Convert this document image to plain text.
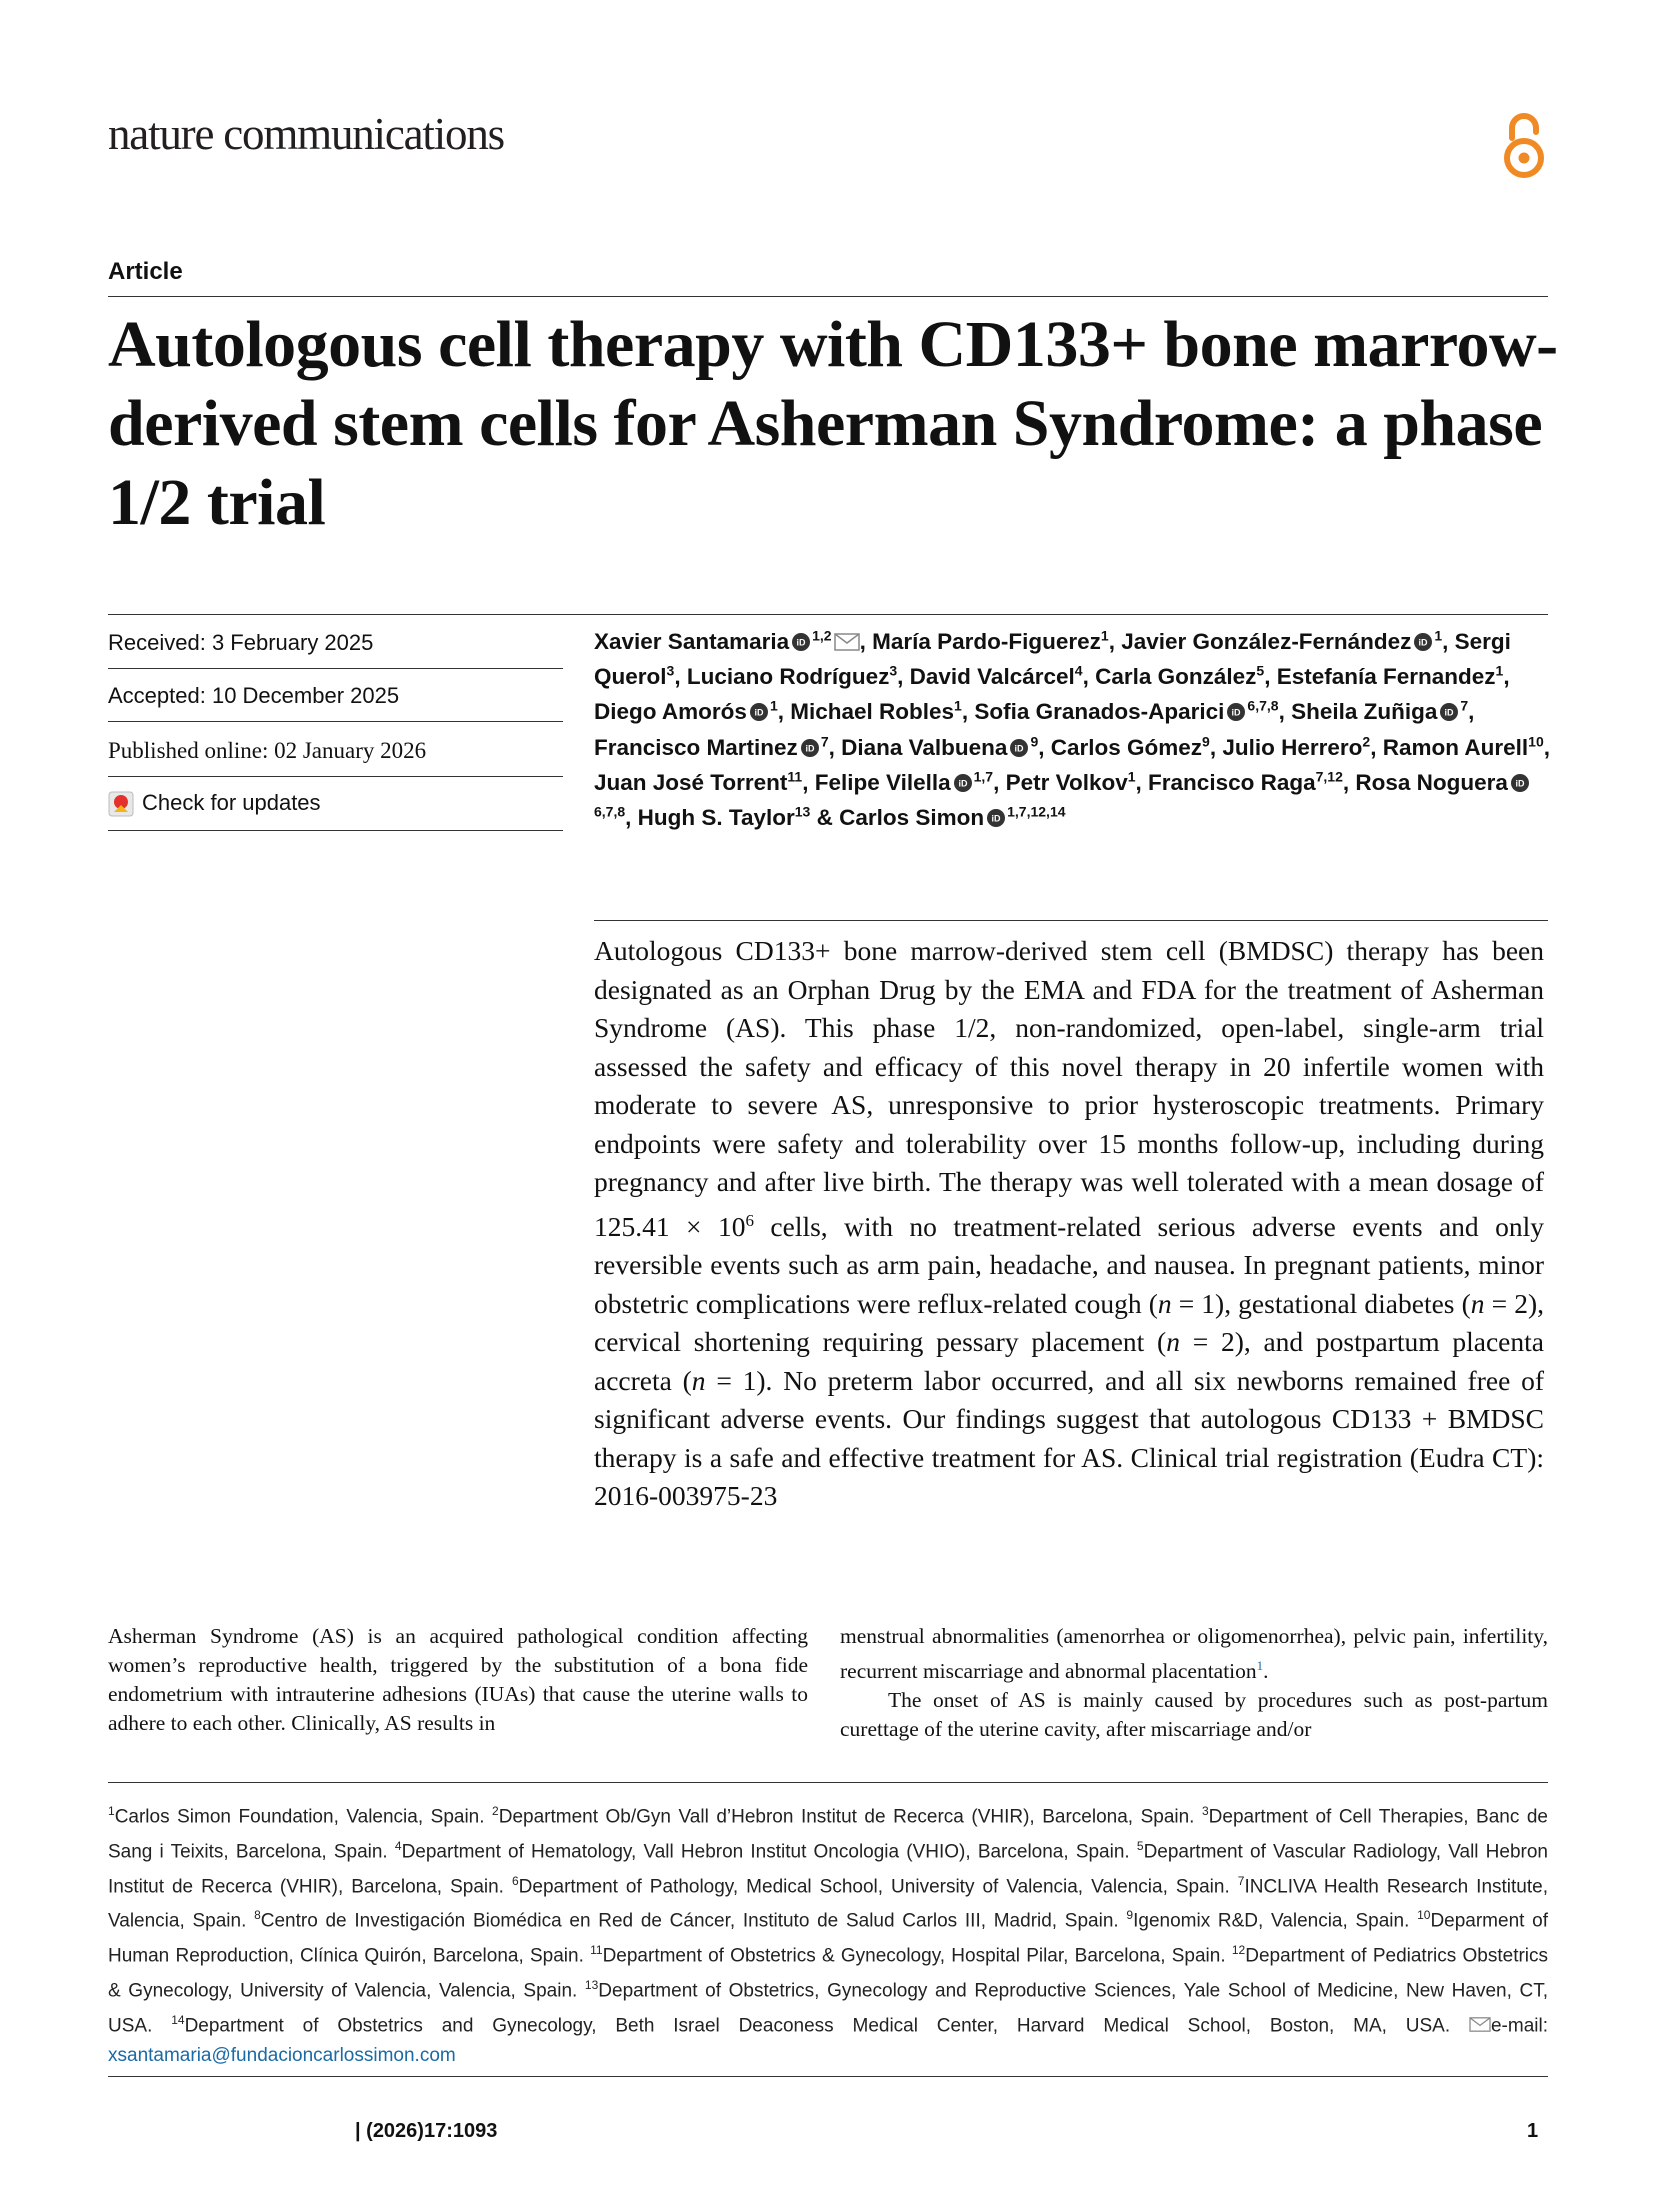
nature communications
Article
Autologous cell therapy with CD133+ bone marrow-derived stem cells for Asherman Syndrome: a phase 1/2 trial
Received: 3 February 2025
Accepted: 10 December 2025
Published online: 02 January 2026
Check for updates
Xavier Santamaria iD $^{1,2}$ , María Pardo-Figuerez$^1$, Javier González-Fernández iD $^1$, Sergi Querol$^3$, Luciano Rodríguez$^3$, David Valcárcel$^4$, Carla González$^5$, Estefanía Fernandez$^1$, Diego Amorós iD $^1$, Michael Robles$^1$, Sofia Granados-Aparici iD $^{6,7,8}$, Sheila Zuñiga iD $^7$, Francisco Martinez iD $^7$, Diana Valbuena iD $^9$, Carlos Gómez$^9$, Julio Herrero$^2$, Ramon Aurell$^{10}$, Juan José Torrent$^{11}$, Felipe Vilella iD $^{1,7}$, Petr Volkov$^1$, Francisco Raga$^{7,12}$, Rosa Noguera iD
$^{6,7,8}$, Hugh S. Taylor$^{13}$ & Carlos Simon iD $^{1,7,12,14}$
Autologous CD133+ bone marrow-derived stem cell (BMDSC) therapy has been designated as an Orphan Drug by the EMA and FDA for the treatment of Asherman Syndrome (AS). This phase 1/2, non-randomized, open-label, single-arm trial assessed the safety and efficacy of this novel therapy in 20 infertile women with moderate to severe AS, unresponsive to prior hysteroscopic treatments. Primary endpoints were safety and tolerability over 15 months follow-up, including during pregnancy and after live birth. The therapy was well tolerated with a mean dosage of $125.41 \times 10^6$ cells, with no treatment-related serious adverse events and only reversible events such as arm pain, headache, and nausea. In pregnant patients, minor obstetric complications were reflux-related cough (n = 1), gestational diabetes (n = 2), cervical shortening requiring pessary placement (n = 2), and postpartum placenta accreta (n = 1). No preterm labor occurred, and all six newborns remained free of significant adverse events. Our findings suggest that autologous CD133 + BMDSC therapy is a safe and effective treatment for AS. Clinical trial registration (Eudra CT): 2016-003975-23
Asherman Syndrome (AS) is an acquired pathological condition affecting women’s reproductive health, triggered by the substitution of a bona fide endometrium with intrauterine adhesions (IUAs) that cause the uterine walls to adhere to each other. Clinically, AS results in
menstrual abnormalities (amenorrhea or oligomenorrhea), pelvic pain, infertility, recurrent miscarriage and abnormal placentation$^1$.
The onset of AS is mainly caused by procedures such as post-partum curettage of the uterine cavity, after miscarriage and/or
$^1$Carlos Simon Foundation, Valencia, Spain. $^2$Department Ob/Gyn Vall d’Hebron Institut de Recerca (VHIR), Barcelona, Spain. $^3$Department of Cell Therapies, Banc de Sang i Teixits, Barcelona, Spain. $^4$Department of Hematology, Vall Hebron Institut Oncologia (VHIO), Barcelona, Spain. $^5$Department of Vascular Radiology, Vall Hebron Institut de Recerca (VHIR), Barcelona, Spain. $^6$Department of Pathology, Medical School, University of Valencia, Valencia, Spain. $^7$INCLIVA Health Research Institute, Valencia, Spain. $^8$Centro de Investigación Biomédica en Red de Cáncer, Instituto de Salud Carlos III, Madrid, Spain. $^9$Igenomix R&D, Valencia, Spain. $^{10}$Deparment of Human Reproduction, Clínica Quirón, Barcelona, Spain. $^{11}$Department of Obstetrics & Gynecology, Hospital Pilar, Barcelona, Spain. $^{12}$Department of Pediatrics Obstetrics & Gynecology, University of Valencia, Valencia, Spain. $^{13}$Department of Obstetrics, Gynecology and Reproductive Sciences, Yale School of Medicine, New Haven, CT, USA. $^{14}$Department of Obstetrics and Gynecology, Beth Israel Deaconess Medical Center, Harvard Medical School, Boston, MA, USA. e-mail: xsantamaria@fundacioncarlossimon.com
| (2026)17:1093	1
